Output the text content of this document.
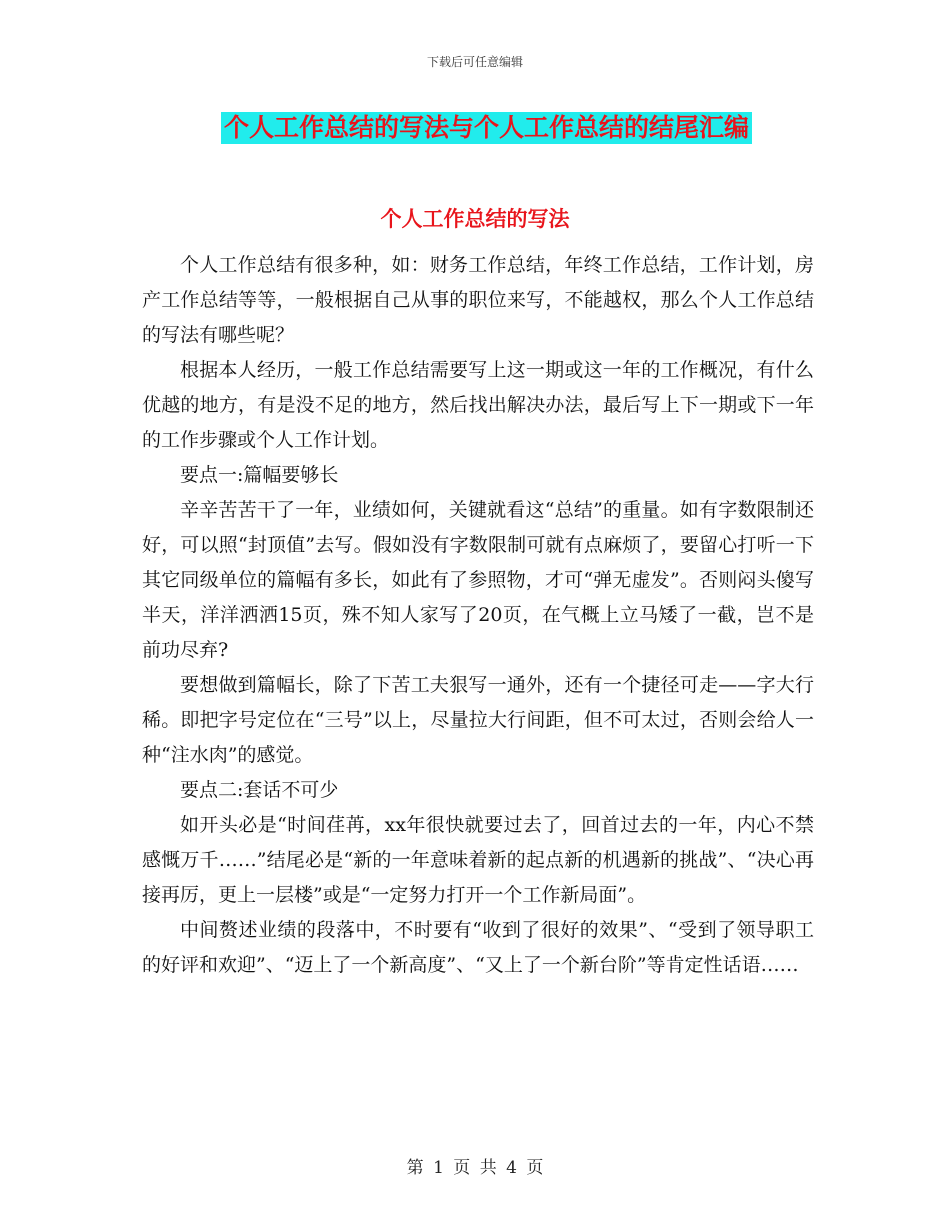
下载后可任意编辑
个人工作总结的写法与个人工作总结的结尾汇编
个人工作总结的写法

个人工作总结有很多种，如：财务工作总结，年终工作总结，工作计划，房产工作总结等等，一般根据自己从事的职位来写，不能越权，那么个人工作总结的写法有哪些呢？

根据本人经历，一般工作总结需要写上这一期或这一年的工作概况，有什么优越的地方，有是没不足的地方，然后找出解决办法，最后写上下一期或下一年的工作步骤或个人工作计划。

要点一:篇幅要够长

辛辛苦苦干了一年，业绩如何，关键就看这“总结”的重量。如有字数限制还好，可以照“封顶值”去写。假如没有字数限制可就有点麻烦了，要留心打听一下其它同级单位的篇幅有多长，如此有了参照物，才可“弹无虚发”。否则闷头傻写半天，洋洋洒洒15页，殊不知人家写了20页，在气概上立马矮了一截，岂不是前功尽弃?

要想做到篇幅长，除了下苦工夫狠写一通外，还有一个捷径可走——字大行稀。即把字号定位在“三号”以上，尽量拉大行间距，但不可太过，否则会给人一种“注水肉”的感觉。

要点二:套话不可少

如开头必是“时间荏苒，xx年很快就要过去了，回首过去的一年，内心不禁感慨万千……”结尾必是“新的一年意味着新的起点新的机遇新的挑战”、“决心再接再厉，更上一层楼”或是“一定努力打开一个工作新局面”。

中间赘述业绩的段落中，不时要有“收到了很好的效果”、“受到了领导职工的好评和欢迎”、“迈上了一个新高度”、“又上了一个新台阶”等肯定性话语……

第 1 页 共 4 页
